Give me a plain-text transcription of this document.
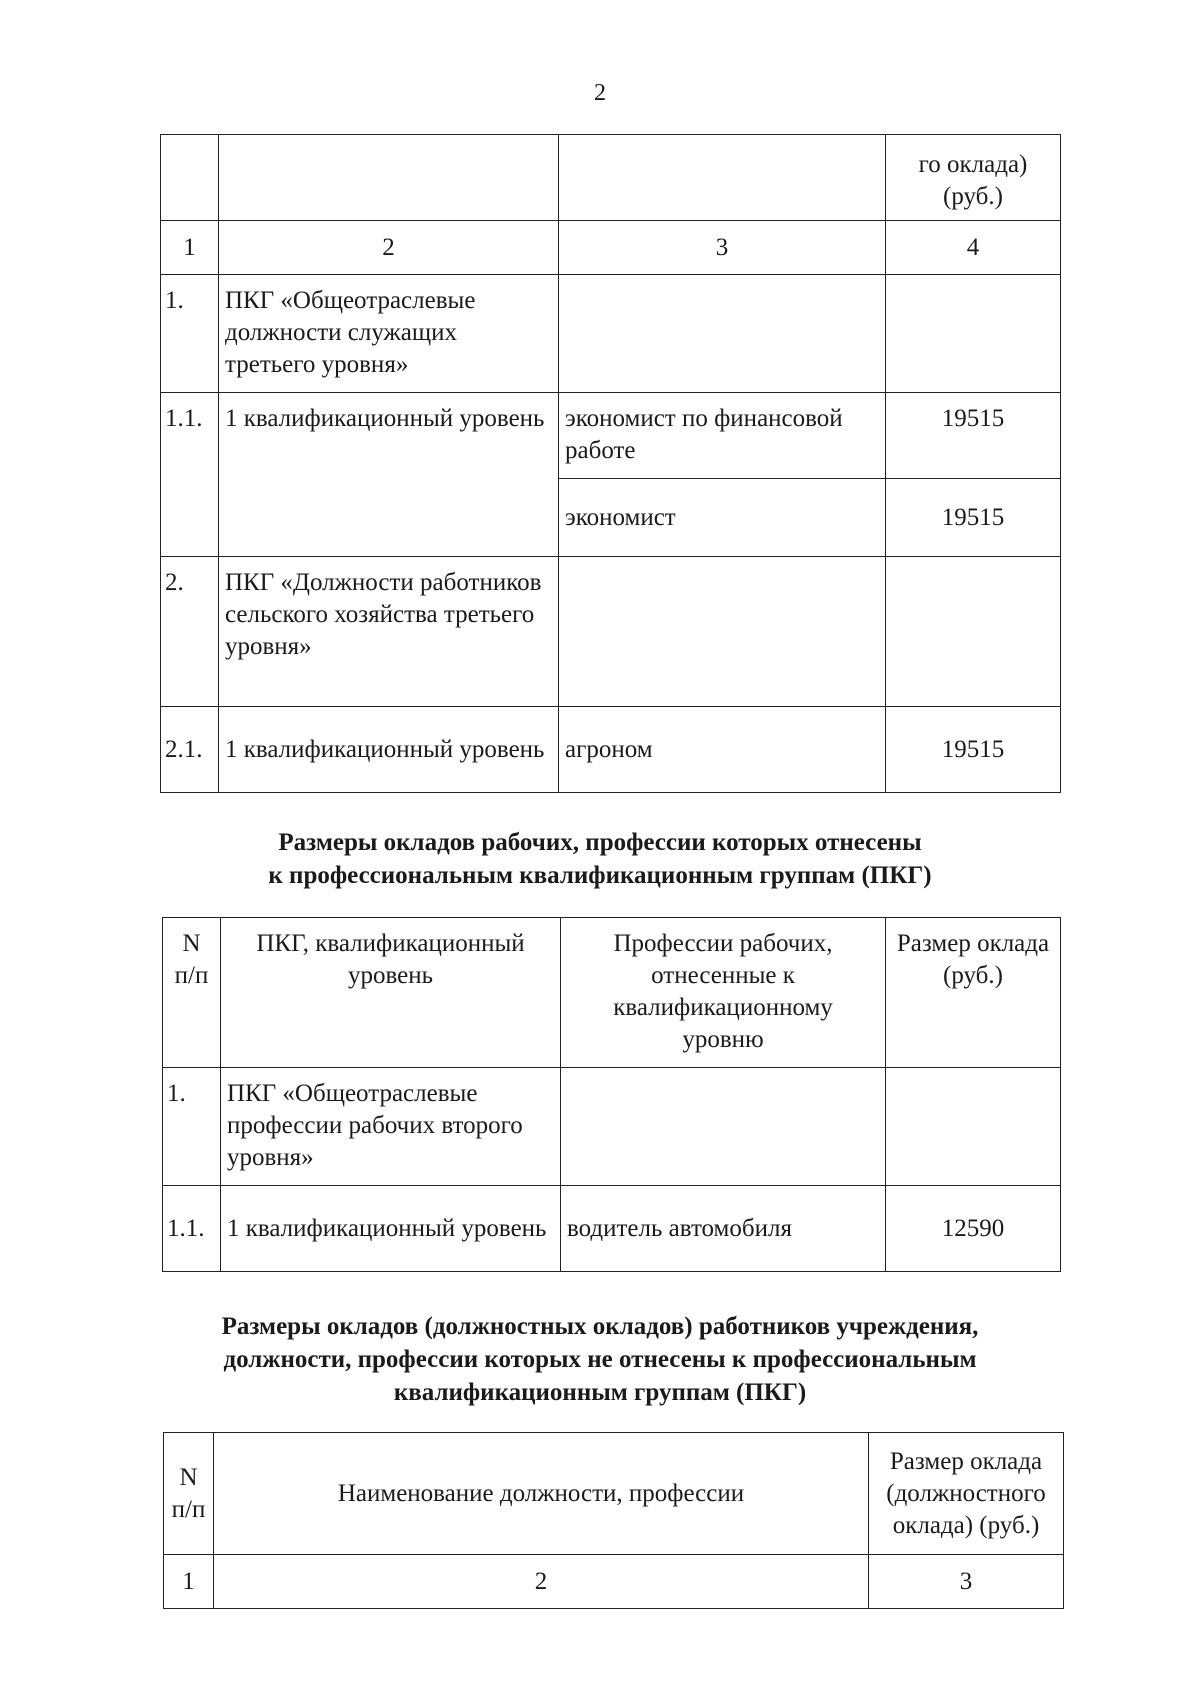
2
			го оклада)
(руб.)
1	2	3	4
1.	ПКГ «Общеотраслевые должности служащих третьего уровня»		
1.1.	1 квалификационный уровень	экономист по финансовой работе	19515
		экономист	19515
2.	ПКГ «Должности работников сельского хозяйства третьего уровня»		
2.1.	1 квалификационный уровень	агроном	19515
Размеры окладов рабочих, профессии которых отнесены
к профессиональным квалификационным группам (ПКГ)
N
п/п	ПКГ, квалификационный уровень	Профессии рабочих, отнесенные к квалификационному уровню	Размер оклада (руб.)
1.	ПКГ «Общеотраслевые профессии рабочих второго уровня»		
1.1.	1 квалификационный уровень	водитель автомобиля	12590
Размеры окладов (должностных окладов) работников учреждения,
должности, профессии которых не отнесены к профессиональным
квалификационным группам (ПКГ)
N
п/п	Наименование должности, профессии	Размер оклада (должностного оклада) (руб.)
1	2	3
